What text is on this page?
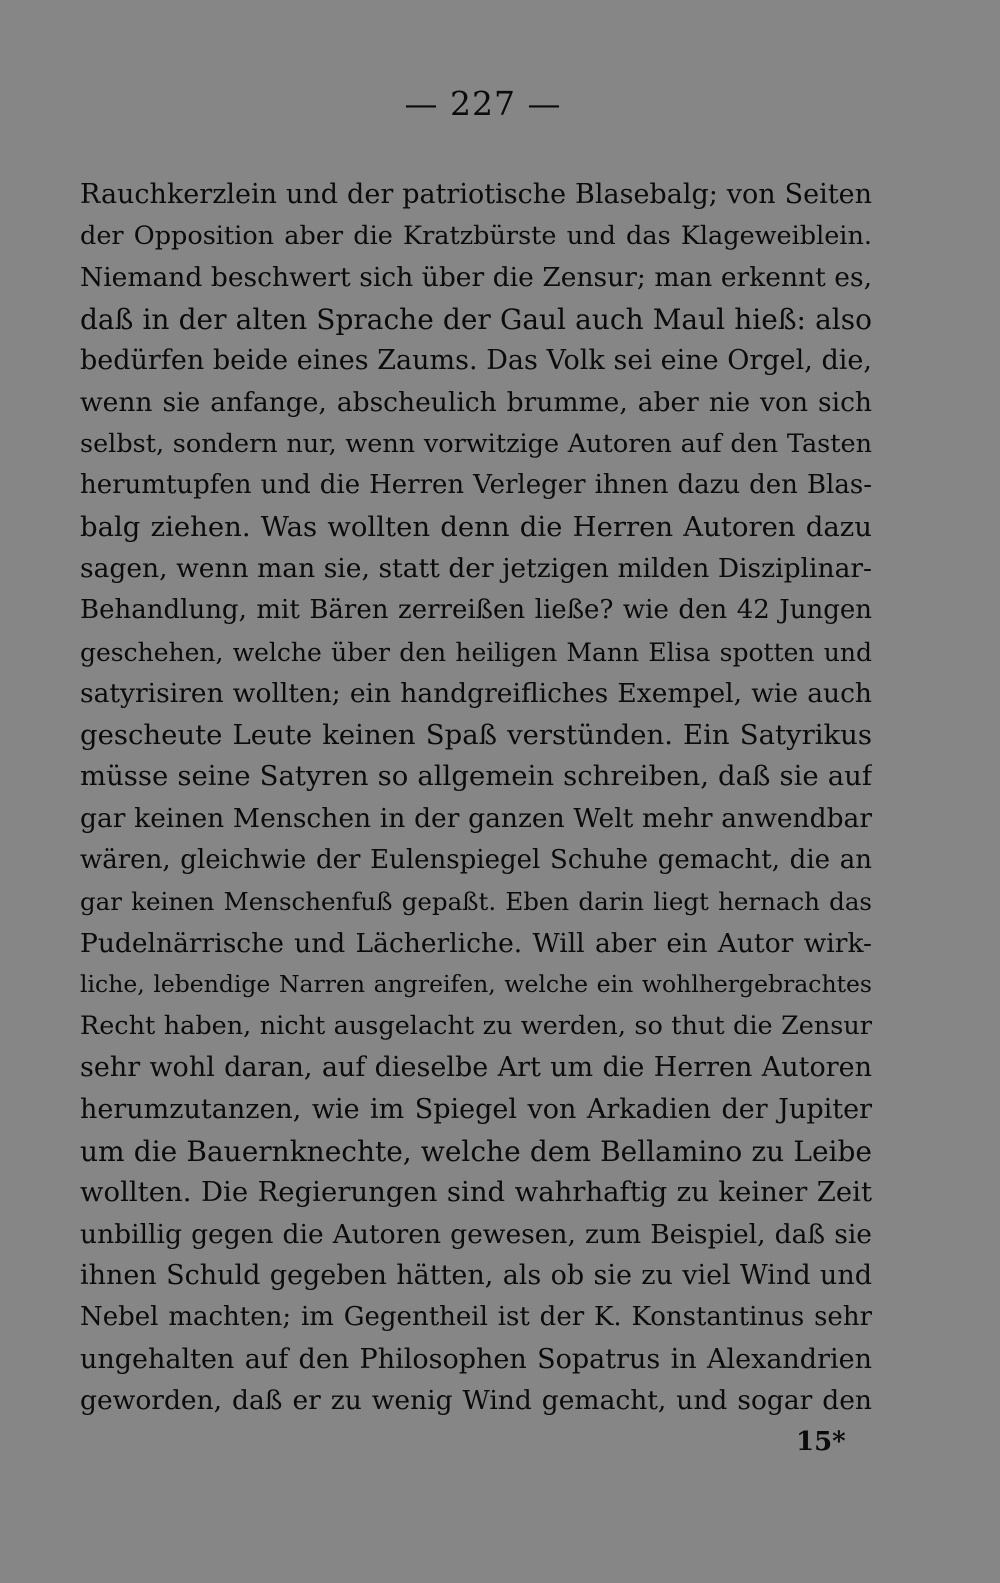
— 227 —
Rauchkerzlein und der patriotische Blasebalg; von Seiten
der Opposition aber die Kratzbürste und das Klageweiblein.
Niemand beschwert sich über die Zensur; man erkennt es,
daß in der alten Sprache der Gaul auch Maul hieß: also
bedürfen beide eines Zaums. Das Volk sei eine Orgel, die,
wenn sie anfange, abscheulich brumme, aber nie von sich
selbst, sondern nur, wenn vorwitzige Autoren auf den Tasten
herumtupfen und die Herren Verleger ihnen dazu den Blas-
balg ziehen. Was wollten denn die Herren Autoren dazu
sagen, wenn man sie, statt der jetzigen milden Disziplinar-
Behandlung, mit Bären zerreißen ließe? wie den 42 Jungen
geschehen, welche über den heiligen Mann Elisa spotten und
satyrisiren wollten; ein handgreifliches Exempel, wie auch
gescheute Leute keinen Spaß verstünden. Ein Satyrikus
müsse seine Satyren so allgemein schreiben, daß sie auf
gar keinen Menschen in der ganzen Welt mehr anwendbar
wären, gleichwie der Eulenspiegel Schuhe gemacht, die an
gar keinen Menschenfuß gepaßt. Eben darin liegt hernach das
Pudelnärrische und Lächerliche. Will aber ein Autor wirk-
liche, lebendige Narren angreifen, welche ein wohlhergebrachtes
Recht haben, nicht ausgelacht zu werden, so thut die Zensur
sehr wohl daran, auf dieselbe Art um die Herren Autoren
herumzutanzen, wie im Spiegel von Arkadien der Jupiter
um die Bauernknechte, welche dem Bellamino zu Leibe
wollten. Die Regierungen sind wahrhaftig zu keiner Zeit
unbillig gegen die Autoren gewesen, zum Beispiel, daß sie
ihnen Schuld gegeben hätten, als ob sie zu viel Wind und
Nebel machten; im Gegentheil ist der K. Konstantinus sehr
ungehalten auf den Philosophen Sopatrus in Alexandrien
geworden, daß er zu wenig Wind gemacht, und sogar den
15*
